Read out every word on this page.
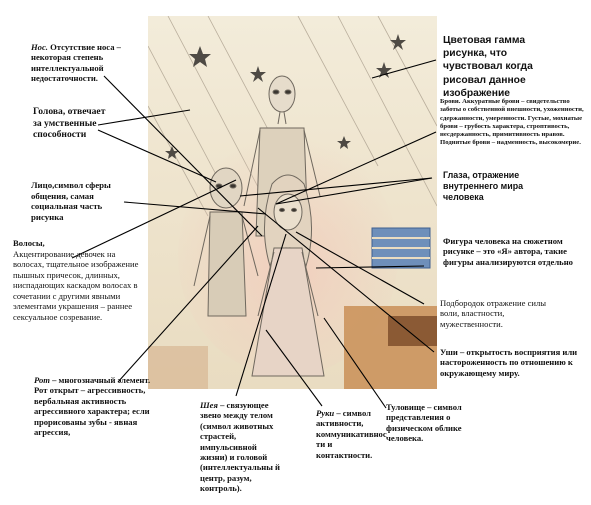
Нос. Отсутствие носа – некоторая степень интеллектуальной недостаточности.
Цветовая гамма рисунка, что чувствовал когда рисовал данное изображение
Голова, отвечает за умственные способности
Брови. Аккуратные брови – свидетельство заботы о собственной внешности, ухоженности, сдержанности, умеренности. Густые, мохнатые брови – грубость характера, строптивость, несдержанность, примитивность нравов. Поднятые брови – надменность, высокомерие.
Глаза, отражение внутреннего мира человека
Лицо,символ сферы общения, самая социальная часть рисунка
Волосы,
Акцентирование девочек на волосах, тщательное изображение пышных причесок, длинных, ниспадающих каскадом волосах в сочетании с другими явными элементами украшения – раннее сексуальное созревание.
Фигура человека на сюжетном рисунке – это «Я» автора, такие фигуры анализируются отдельно
Подбородок отражение силы воли, властности, мужественности.
Уши – открытость восприятия или настороженность по отношению к окружающему миру.
Рот – многозначный элемент. Рот открыт – агрессивность, вербальная активность агрессивного характера; если прорисованы зубы - явная агрессия,
Шея – связующее звено между телом (символ животных страстей, импульсивной жизни) и головой (интеллектуальны й центр, разум, контроль).
Руки – символ активности, коммуникативнос ти и контактности.
Туловище – символ представления о физическом облике человека.
